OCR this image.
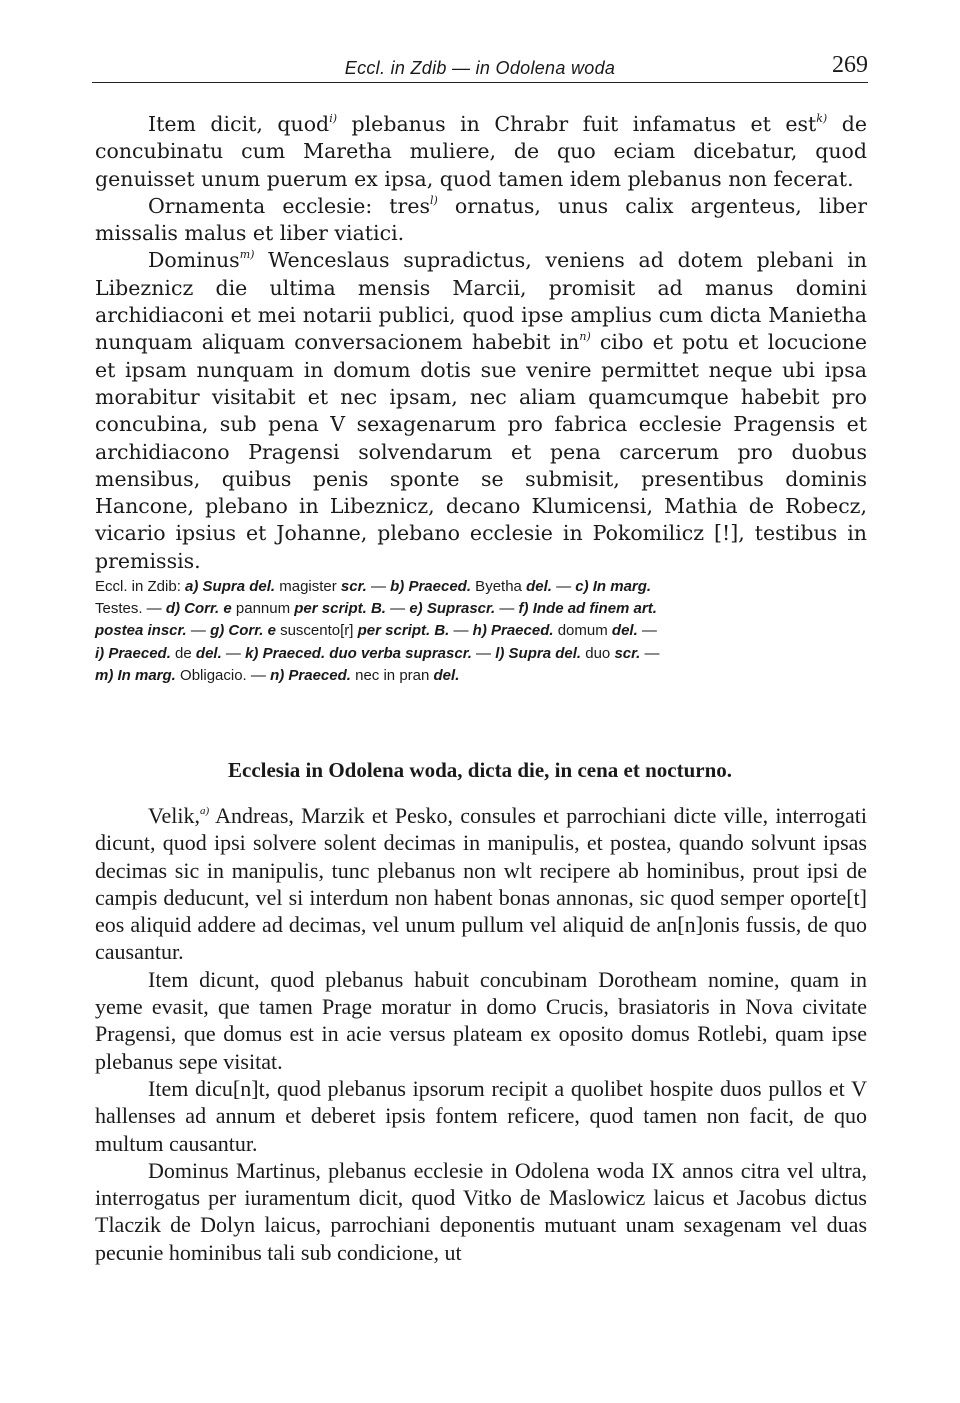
Eccl. in Zdib — in Odolena woda	269

Item dicit, quod$^{i)}$ plebanus in Chrabr fuit infamatus et est$^{k)}$ de concubinatu cum Maretha muliere, de quo eciam dicebatur, quod genuisset unum puerum ex ipsa, quod tamen idem plebanus non fecerat.

Ornamenta ecclesie: tres$^{l)}$ ornatus, unus calix argenteus, liber missalis malus et liber viatici.

Dominus$^{m)}$ Wenceslaus supradictus, veniens ad dotem plebani in Libeznicz die ultima mensis Marcii, promisit ad manus domini archidiaconi et mei notarii publici, quod ipse amplius cum dicta Manietha nunquam aliquam conversacionem habebit $in^{n)}$ cibo et potu et locucione et ipsam nunquam in domum dotis sue venire permittet neque ubi ipsa morabitur visitabit et nec ipsam, nec aliam quamcumque habebit pro concubina, sub pena V sexagenarum pro fabrica ecclesie Pragensis et archidiacono Pragensi solvendarum et pena carcerum pro duobus mensibus, quibus penis sponte se submisit, presentibus dominis Hancone, plebano in Libeznicz, decano Klumicensi, Mathia de Robecz, vicario ipsius et Johanne, plebano ecclesie in Pokomilicz [!], testibus in premissis.

Eccl. in Zdib: a) Supra del. magister scr. — b) Praeced. Byetha del. — c) In marg.
Testes. — d) Corr. e pannum per script. B. — e) Suprascr. — f) Inde ad finem art.
postea inscr. — g) Corr. e suscento[r] per script. B. — h) Praeced. domum del. —
i) Praeced. de del. — k) Praeced. duo verba suprascr. — l) Supra del. duo scr. —
m) In marg. Obligacio. — n) Praeced. nec in pran del.
Ecclesia in Odolena woda, dicta die, in cena et nocturno.

Velik,$^{a)}$ Andreas, Marzik et Pesko, consules et parrochiani dicte ville, interrogati dicunt, quod ipsi solvere solent decimas in manipulis, et postea, quando solvunt ipsas decimas sic in manipulis, tunc plebanus non wlt recipere ab hominibus, prout ipsi de campis deducunt, vel si interdum non habent bonas annonas, sic quod semper oporte[t] eos aliquid addere ad decimas, vel unum pullum vel aliquid de an[n]onis fussis, de quo causantur.

Item dicunt, quod plebanus habuit concubinam Dorotheam nomine, quam in yeme evasit, que tamen Prage moratur in domo Crucis, brasiatoris in Nova civitate Pragensi, que domus est in acie versus plateam ex oposito domus Rotlebi, quam ipse plebanus sepe visitat.

Item dicu[n]t, quod plebanus ipsorum recipit a quolibet hospite duos pullos et V hallenses ad annum et deberet ipsis fontem reficere, quod tamen non facit, de quo multum causantur.

Dominus Martinus, plebanus ecclesie in Odolena woda IX annos citra vel ultra, interrogatus per iuramentum dicit, quod Vitko de Maslowicz laicus et Jacobus dictus Tlaczik de Dolyn laicus, parrochiani deponentis mutuant unam sexagenam vel duas pecunie hominibus tali sub condicione, ut
